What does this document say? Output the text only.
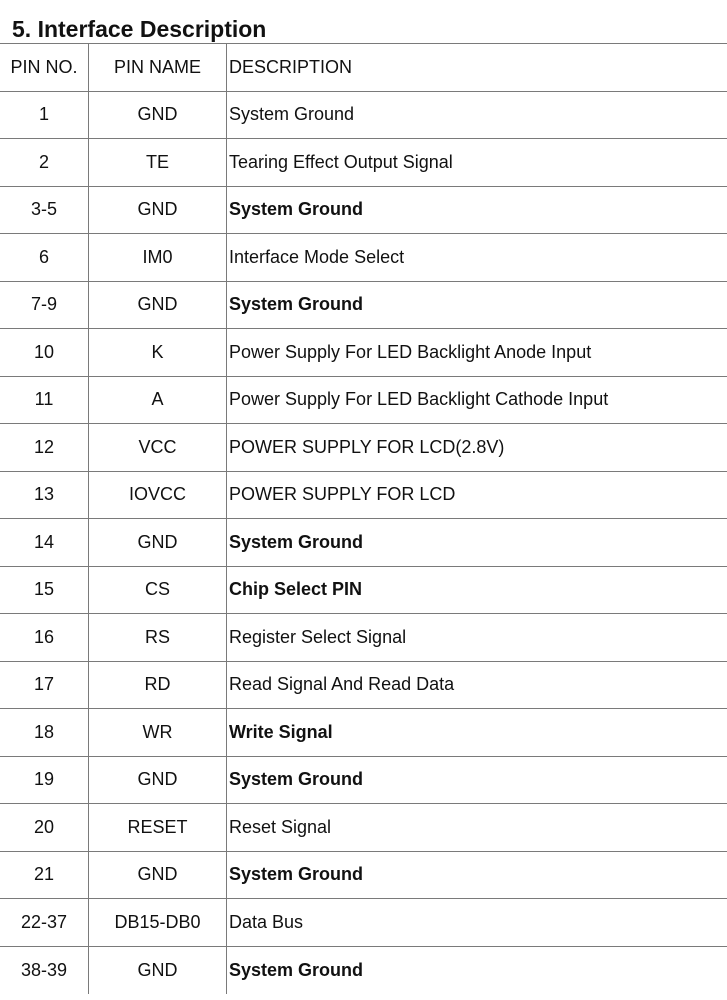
5. Interface Description
PIN NO.	PIN NAME	DESCRIPTION
1	GND	System Ground
2	TE	Tearing Effect Output Signal
3-5	GND	System Ground
6	IM0	Interface Mode Select
7-9	GND	System Ground
10	K	Power Supply For LED Backlight Anode Input
11	A	Power Supply For LED Backlight Cathode Input
12	VCC	POWER SUPPLY FOR LCD(2.8V)
13	IOVCC	POWER SUPPLY FOR LCD
14	GND	System Ground
15	CS	Chip Select PIN
16	RS	Register Select Signal
17	RD	Read Signal And Read Data
18	WR	Write Signal
19	GND	System Ground
20	RESET	Reset Signal
21	GND	System Ground
22-37	DB15-DB0	Data Bus
38-39	GND	System Ground
